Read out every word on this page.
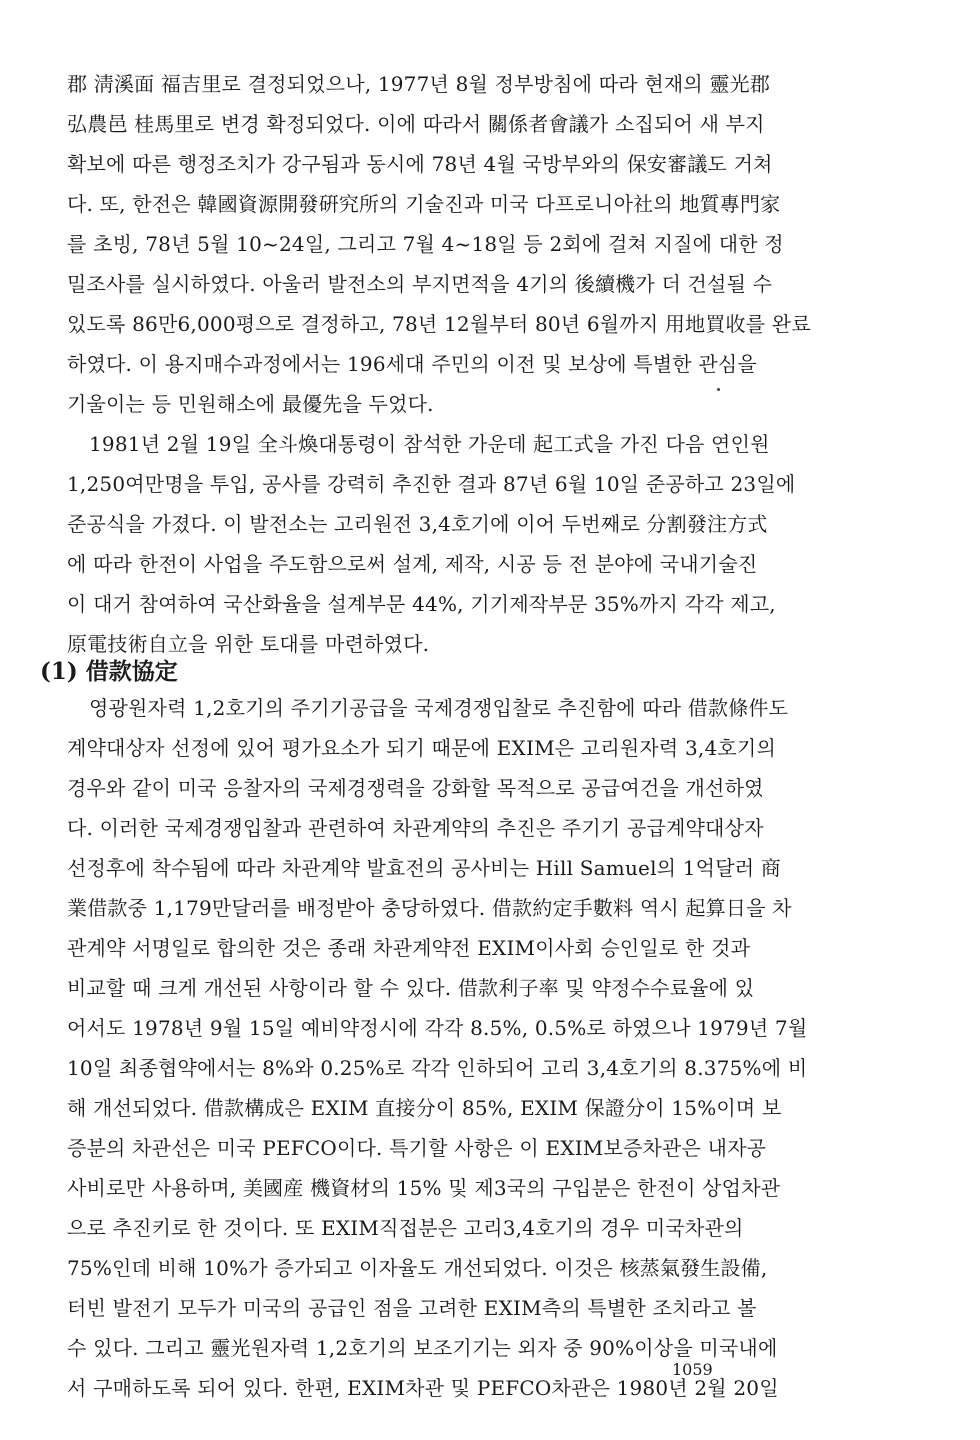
郡 淸溪面 福吉里로 결정되었으나, 1977년 8월 정부방침에 따라 현재의 靈光郡
弘農邑 桂馬里로 변경 확정되었다. 이에 따라서 關係者會議가 소집되어 새 부지
확보에 따른 행정조치가 강구됨과 동시에 78년 4월 국방부와의 保安審議도 거쳐
다. 또, 한전은 韓國資源開發硏究所의 기술진과 미국 다프로니아社의 地質專門家
를 초빙, 78년 5월 10~24일, 그리고 7월 4~18일 등 2회에 걸쳐 지질에 대한 정
밀조사를 실시하였다. 아울러 발전소의 부지면적을 4기의 後續機가 더 건설될 수
있도록 86만6,000평으로 결정하고, 78년 12월부터 80년 6월까지 用地買收를 완료
하였다. 이 용지매수과정에서는 196세대 주민의 이전 및 보상에 특별한 관심을
기울이는 등 민원해소에 最優先을 두었다.
1981년 2월 19일 全斗煥대통령이 참석한 가운데 起工式을 가진 다음 연인원
1,250여만명을 투입, 공사를 강력히 추진한 결과 87년 6월 10일 준공하고 23일에
준공식을 가졌다. 이 발전소는 고리원전 3,4호기에 이어 두번째로 分割發注方式
에 따라 한전이 사업을 주도함으로써 설계, 제작, 시공 등 전 분야에 국내기술진
이 대거 참여하여 국산화율을 설계부문 44%, 기기제작부문 35%까지 각각 제고,
原電技術自立을 위한 토대를 마련하였다.
(1) 借款協定
영광원자력 1,2호기의 주기기공급을 국제경쟁입찰로 추진함에 따라 借款條件도
계약대상자 선정에 있어 평가요소가 되기 때문에 EXIM은 고리원자력 3,4호기의
경우와 같이 미국 응찰자의 국제경쟁력을 강화할 목적으로 공급여건을 개선하였
다. 이러한 국제경쟁입찰과 관련하여 차관계약의 추진은 주기기 공급계약대상자
선정후에 착수됨에 따라 차관계약 발효전의 공사비는 Hill Samuel의 1억달러 商
業借款중 1,179만달러를 배정받아 충당하였다. 借款約定手數料 역시 起算日을 차
관계약 서명일로 합의한 것은 종래 차관계약전 EXIM이사회 승인일로 한 것과
비교할 때 크게 개선된 사항이라 할 수 있다. 借款利子率 및 약정수수료율에 있
어서도 1978년 9월 15일 예비약정시에 각각 8.5%, 0.5%로 하였으나 1979년 7월
10일 최종협약에서는 8%와 0.25%로 각각 인하되어 고리 3,4호기의 8.375%에 비
해 개선되었다. 借款構成은 EXIM 直接分이 85%, EXIM 保證分이 15%이며 보
증분의 차관선은 미국 PEFCO이다. 특기할 사항은 이 EXIM보증차관은 내자공
사비로만 사용하며, 美國産 機資材의 15% 및 제3국의 구입분은 한전이 상업차관
으로 추진키로 한 것이다. 또 EXIM직접분은 고리3,4호기의 경우 미국차관의
75%인데 비해 10%가 증가되고 이자율도 개선되었다. 이것은 核蒸氣發生設備,
터빈 발전기 모두가 미국의 공급인 점을 고려한 EXIM측의 특별한 조치라고 볼
수 있다. 그리고 靈光원자력 1,2호기의 보조기기는 외자 중 90%이상을 미국내에
서 구매하도록 되어 있다. 한편, EXIM차관 및 PEFCO차관은 1980년 2월 20일
1059
